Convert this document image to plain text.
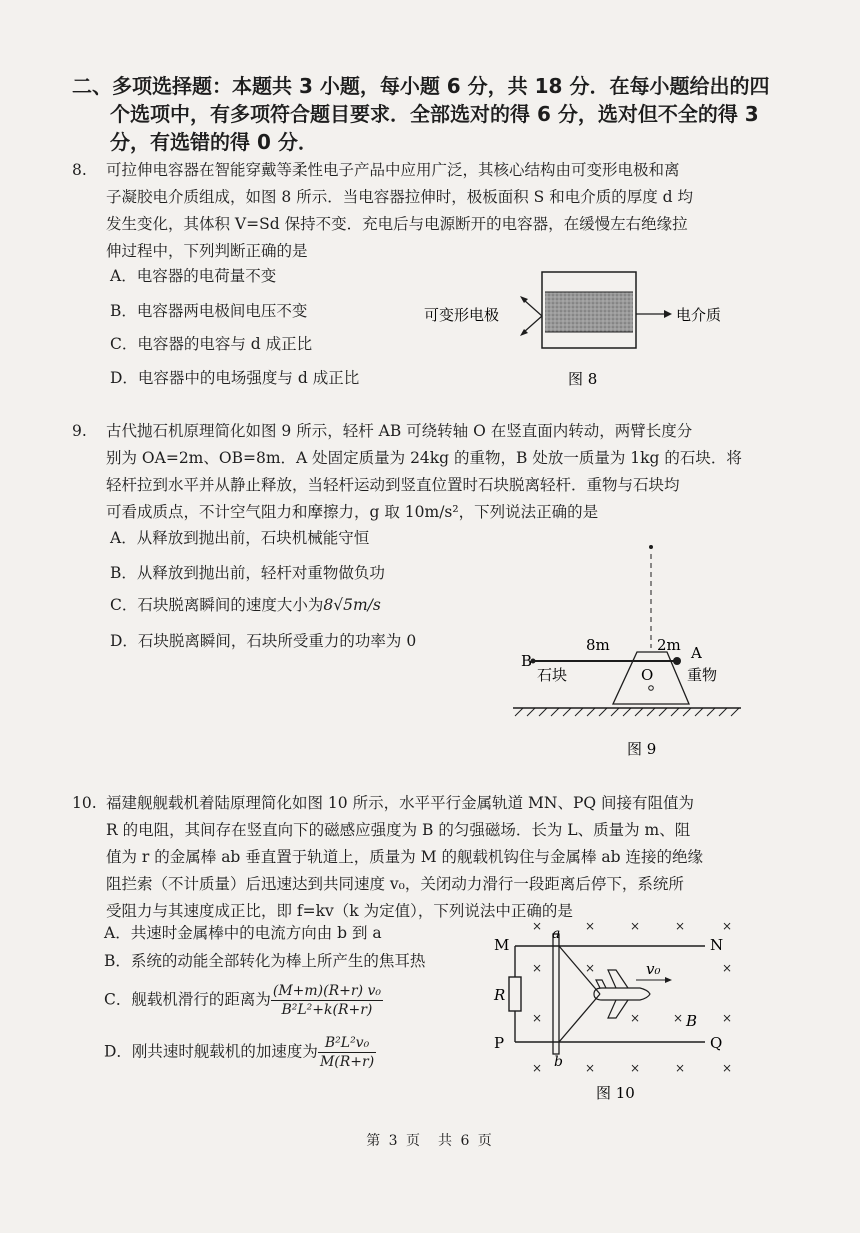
二、多项选择题：本题共 3 小题，每小题 6 分，共 18 分．在每小题给出的四
个选项中，有多项符合题目要求．全部选对的得 6 分，选对但不全的得 3
分，有选错的得 0 分．
8. 可拉伸电容器在智能穿戴等柔性电子产品中应用广泛，其核心结构由可变形电极和离

子凝胶电介质组成，如图 8 所示．当电容器拉伸时，极板面积 S 和电介质的厚度 d 均

发生变化，其体积 V=Sd 保持不变．充电后与电源断开的电容器，在缓慢左右绝缘拉

伸过程中，下列判断正确的是

A．电容器的电荷量不变
B．电容器两电极间电压不变
C．电容器的电容与 d 成正比
D．电容器中的电场强度与 d 成正比
可变形电极	电介质
图 8
9. 古代抛石机原理简化如图 9 所示，轻杆 AB 可绕转轴 O 在竖直面内转动，两臂长度分

别为 OA=2m、OB=8m．A 处固定质量为 24kg 的重物，B 处放一质量为 1kg 的石块．将

轻杆拉到水平并从静止释放，当轻杆运动到竖直位置时石块脱离轻杆．重物与石块均

可看成质点，不计空气阻力和摩擦力，g 取 10m/s²，下列说法正确的是

A．从释放到抛出前，石块机械能守恒
B．从释放到抛出前，轻杆对重物做负功
C．石块脱离瞬间的速度大小为8√5m/s
D．石块脱离瞬间，石块所受重力的功率为 0	8m	2m A
B
O
石块	重物
图 9
10. 福建舰舰载机着陆原理简化如图 10 所示，水平平行金属轨道 MN、PQ 间接有阻值为

R 的电阻，其间存在竖直向下的磁感应强度为 B 的匀强磁场．长为 L、质量为 m、阻

值为 r 的金属棒 ab 垂直置于轨道上，质量为 M 的舰载机钩住与金属棒 ab 连接的绝缘

阻拦索（不计质量）后迅速达到共同速度 v₀，关闭动力滑行一段距离后停下，系统所

受阻力与其速度成正比，即 f=kv（k 为定值），下列说法中正确的是

A．共速时金属棒中的电流方向由 b 到 a
B．系统的动能全部转化为棒上所产生的焦耳热
C．舰载机滑行的距离为 $\frac{\text{(M+m)(R+r) v₀}}{\text{B²L²+k(R+r)}}$
D．刚共速时舰载机的加速度为 $\frac{\text{B²L²v₀}}{M(R+r)}$
×	×	×	×	×
×	×	×
×	×
×
×	×	×	×	×
×
M	N
P	Q
a
b
R
v₀
B
图 10
第 3 页　共 6 页
